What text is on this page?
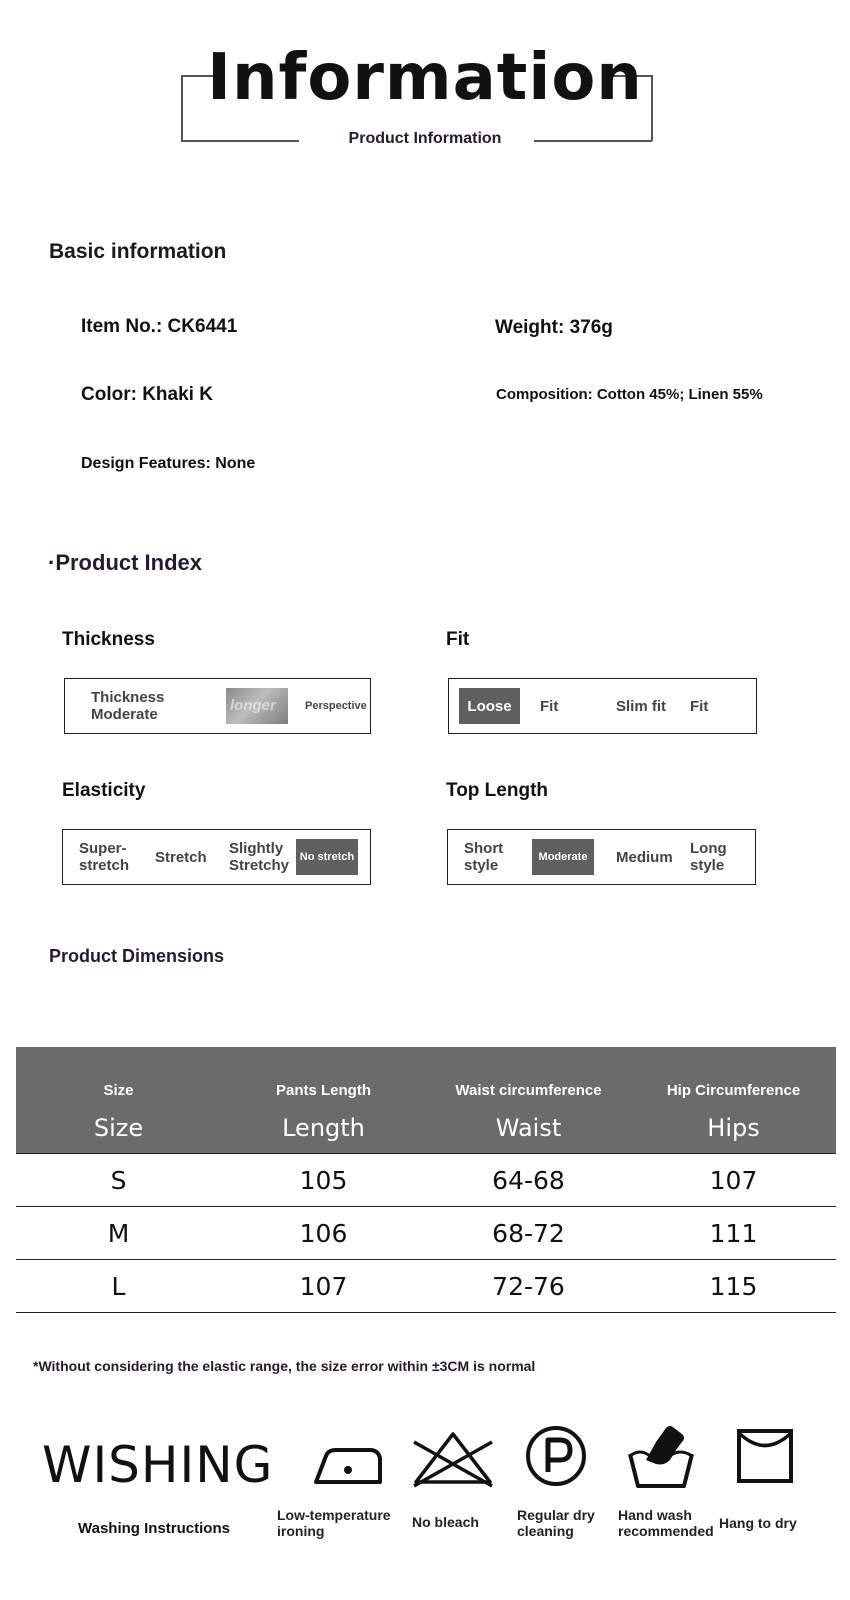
Information
Product Information
Basic information
Item No.: CK6441	Weight: 376g
Color: Khaki K	Composition: Cotton 45%; Linen 55%
Design Features: None
·Product Index
Thickness
Thickness Moderate
longer	Perspective
Fit
Loose	Fit	Slim fit	Fit
Elasticity
Super-stretch	Stretch	Slightly Stretchy
No stretch
Top Length
Short style
Moderate	Medium	Long style
Product Dimensions
Size	Pants Length	Waist circumference	Hip Circumference
Size	Length	Waist	Hips
S	105	64-68	107
M	106	68-72	111
L	107	72-76	115
*Without considering the elastic range, the size error within ±3CM is normal
WISHING
Washing Instructions
Low-temperature ironing
No bleach	Regular dry cleaning
Hand wash recommended Hang to dry
